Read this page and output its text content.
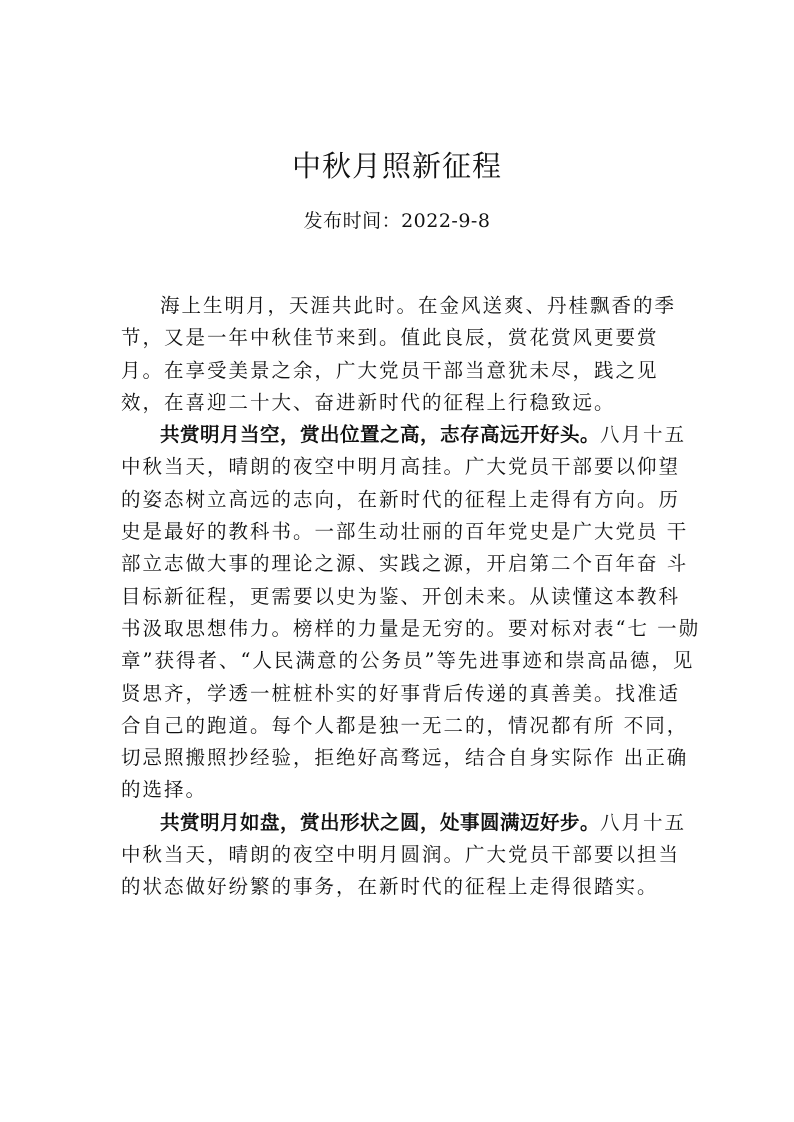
中秋月照新征程
发布时间：2022-9-8

海上生明月，天涯共此时。在金风送爽、丹桂飘香的季节，又是一年中秋佳节来到。值此良辰，赏花赏风更要赏月。在享受美景之余，广大党员干部当意犹未尽，践之见效，在喜迎二十大、奋进新时代的征程上行稳致远。

共赏明月当空，赏出位置之高，志存高远开好头。八月十五中秋当天，晴朗的夜空中明月高挂。广大党员干部要以仰望的姿态树立高远的志向，在新时代的征程上走得有方向。历史是最好的教科书。一部生动壮丽的百年党史是广大党员 干部立志做大事的理论之源、实践之源，开启第二个百年奋 斗目标新征程，更需要以史为鉴、开创未来。从读懂这本教科书汲取思想伟力。榜样的力量是无穷的。要对标对表“七 一勋章”获得者、“人民满意的公务员”等先进事迹和崇高品德，见贤思齐，学透一桩桩朴实的好事背后传递的真善美。找准适合自己的跑道。每个人都是独一无二的，情况都有所 不同，切忌照搬照抄经验，拒绝好高骛远，结合自身实际作 出正确的选择。

共赏明月如盘，赏出形状之圆，处事圆满迈好步。八月十五中秋当天，晴朗的夜空中明月圆润。广大党员干部要以担当的状态做好纷繁的事务，在新时代的征程上走得很踏实。
